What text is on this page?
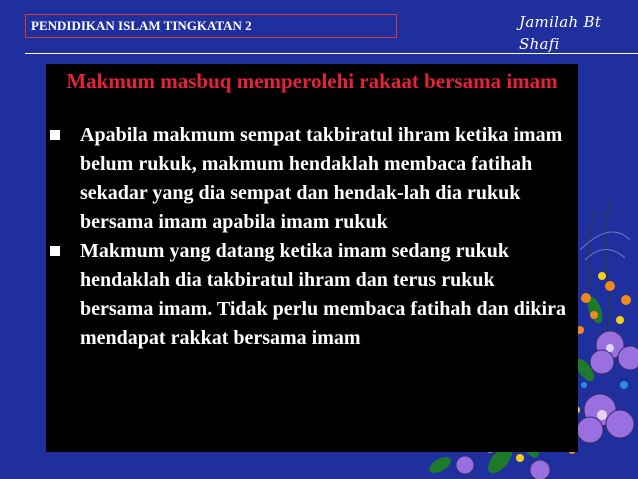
PENDIDIKAN ISLAM TINGKATAN 2	Jamilah Bt Shafi
Makmum masbuq memperolehi rakaat bersama imam
Apabila makmum sempat takbiratul ihram ketika imam belum rukuk, makmum hendaklah membaca fatihah sekadar yang dia sempat dan hendak-lah dia rukuk bersama imam apabila imam rukuk
Makmum yang datang ketika imam sedang rukuk hendaklah dia takbiratul ihram dan terus rukuk bersama imam. Tidak perlu membaca fatihah dan dikira mendapat rakkat bersama imam
